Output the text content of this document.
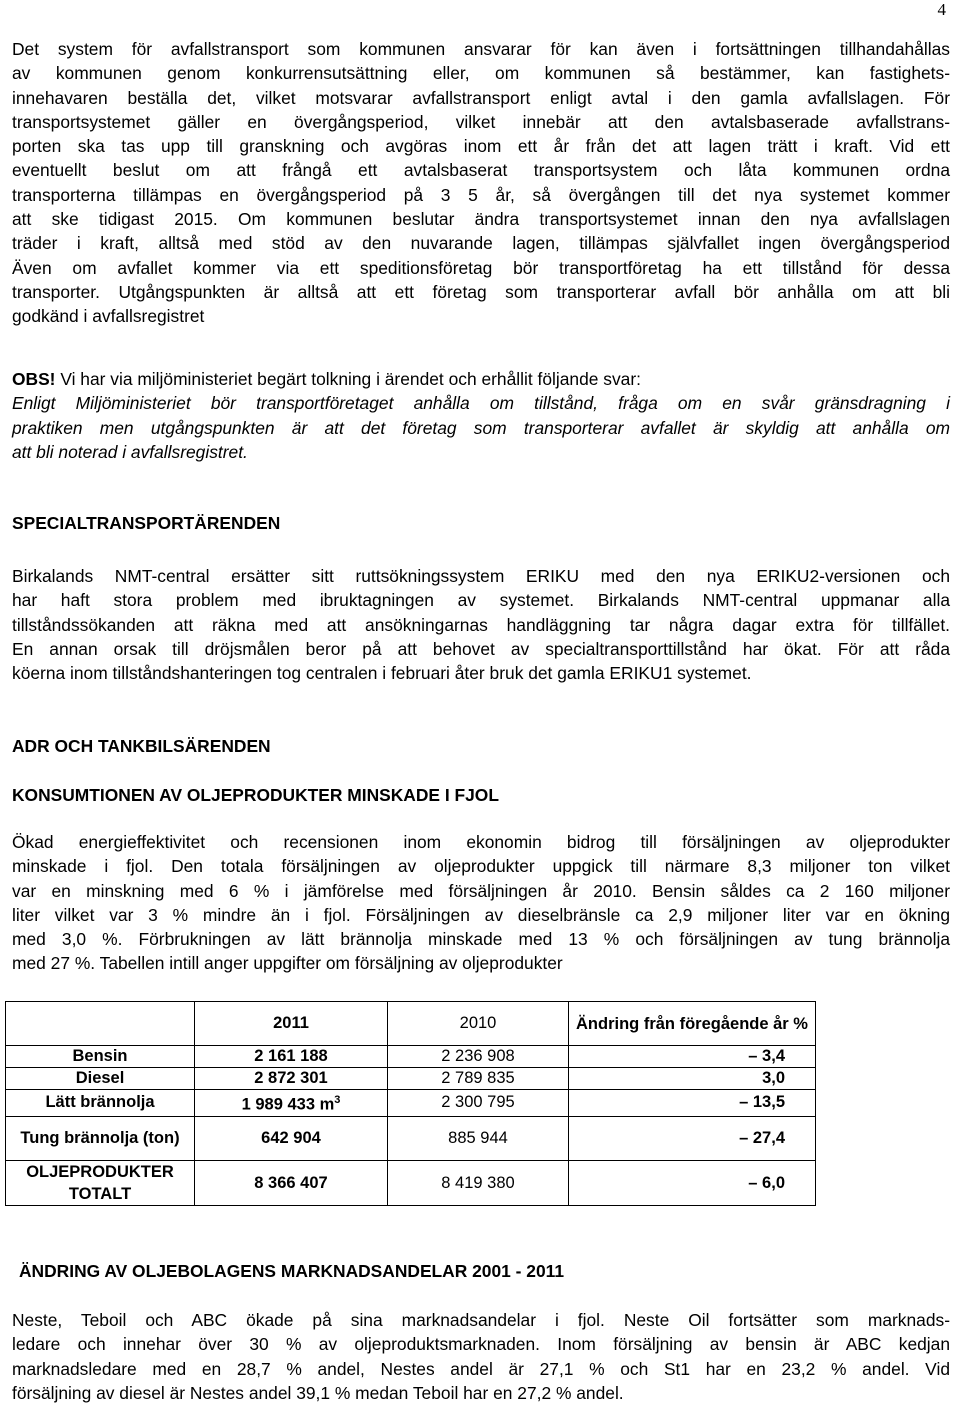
4
Det system för avfallstransport som kommunen ansvarar för kan även i fortsättningen tillhandahållas
av kommunen genom konkurrensutsättning eller, om kommunen så bestämmer, kan fastighets-
innehavaren beställa det, vilket motsvarar avfallstransport enligt avtal i den gamla avfallslagen. För
transportsystemet gäller en övergångsperiod, vilket innebär att den avtalsbaserade avfallstrans-
porten ska tas upp till granskning och avgöras inom ett år från det att lagen trätt i kraft. Vid ett
eventuellt beslut om att frångå ett avtalsbaserat transportsystem och låta kommunen ordna
transporterna tillämpas en övergångsperiod på 3 5 år, så övergången till det nya systemet kommer
att ske tidigast 2015. Om kommunen beslutar ändra transportsystemet innan den nya avfallslagen
träder i kraft, alltså med stöd av den nuvarande lagen, tillämpas självfallet ingen övergångsperiod
Även om avfallet kommer via ett speditionsföretag bör transportföretag ha ett tillstånd för dessa
transporter. Utgångspunkten är alltså att ett företag som transporterar avfall bör anhålla om att bli
godkänd i avfallsregistret
OBS! Vi har via miljöministeriet begärt tolkning i ärendet och erhållit följande svar:
Enligt Miljöministeriet bör transportföretaget anhålla om tillstånd, fråga om en svår gränsdragning i
praktiken men utgångspunkten är att det företag som transporterar avfallet är skyldig att anhålla om
att bli noterad i avfallsregistret.
SPECIALTRANSPORTÄRENDEN
Birkalands NMT-central ersätter sitt ruttsökningssystem ERIKU med den nya ERIKU2-versionen och
har haft stora problem med ibruktagningen av systemet. Birkalands NMT-central uppmanar alla
tillståndssökanden att räkna med att ansökningarnas handläggning tar några dagar extra för tillfället.
En annan orsak till dröjsmålen beror på att behovet av specialtransporttillstånd har ökat. För att råda
köerna inom tillståndshanteringen tog centralen i februari åter bruk det gamla ERIKU1 systemet.
ADR OCH TANKBILSÄRENDEN
KONSUMTIONEN AV OLJEPRODUKTER MINSKADE I FJOL
Ökad energieffektivitet och recensionen inom ekonomin bidrog till försäljningen av oljeprodukter
minskade i fjol. Den totala försäljningen av oljeprodukter uppgick till närmare 8,3 miljoner ton vilket
var en minskning med 6 % i jämförelse med försäljningen år 2010. Bensin såldes ca 2 160 miljoner
liter vilket var 3 % mindre än i fjol. Försäljningen av dieselbränsle ca 2,9 miljoner liter var en ökning
med 3,0 %. Förbrukningen av lätt brännolja minskade med 13 % och försäljningen av tung brännolja
med 27 %. Tabellen intill anger uppgifter om försäljning av oljeprodukter
	2011	2010	Ändring från föregående år %
Bensin	2 161 188	2 236 908	– 3,4
Diesel	2 872 301	2 789 835	3,0
Lätt brännolja	1 989 433 $m^3$	2 300 795	– 13,5
Tung brännolja (ton)	642 904	885 944	– 27,4
OLJEPRODUKTER TOTALT	8 366 407	8 419 380	– 6,0
ÄNDRING AV OLJEBOLAGENS MARKNADSANDELAR 2001 - 2011
Neste, Teboil och ABC ökade på sina marknadsandelar i fjol. Neste Oil fortsätter som marknads-
ledare och innehar över 30 % av oljeproduktsmarknaden. Inom försäljning av bensin är ABC kedjan
marknadsledare med en 28,7 % andel, Nestes andel är 27,1 % och St1 har en 23,2 % andel. Vid
försäljning av diesel är Nestes andel 39,1 % medan Teboil har en 27,2 % andel.
